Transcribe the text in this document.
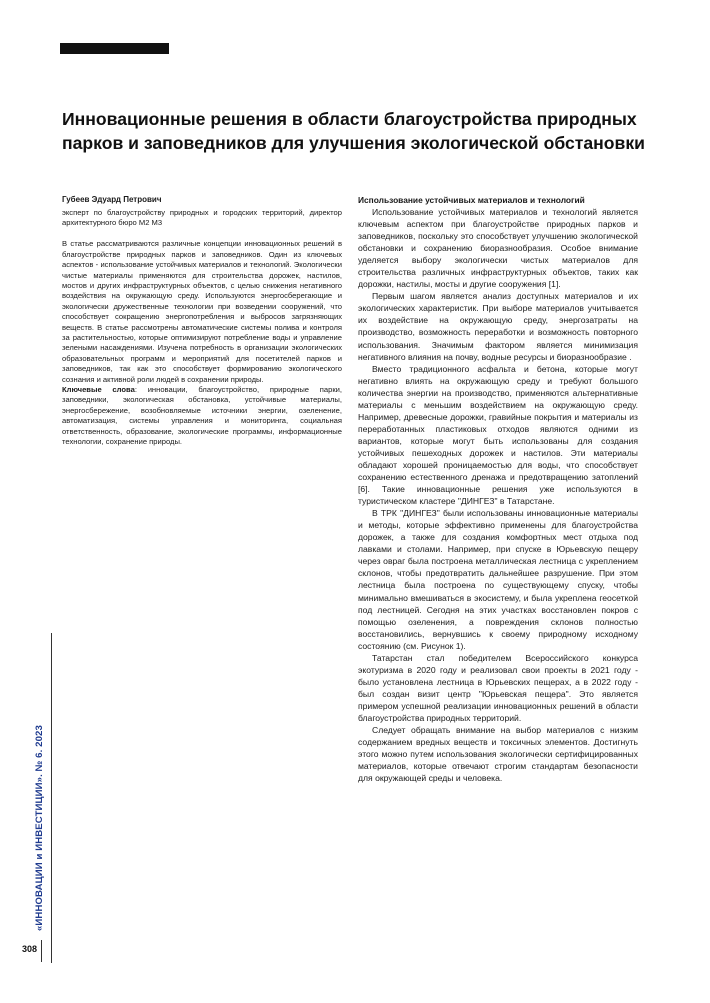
Инновационные решения в области благоустройства природных парков и заповедников для улучшения экологической обстановки

Губеев Эдуард Петрович

эксперт по благоустройству природных и городских территорий, директор архитектурного бюро М2 М3

В статье рассматриваются различные концепции инновационных решений в благоустройстве природных парков и заповедников. Один из ключевых аспектов - использование устойчивых материалов и технологий. Экологически чистые материалы применяются для строительства дорожек, настилов, мостов и других инфраструктурных объектов, с целью снижения негативного воздействия на окружающую среду. Используются энергосберегающие и экологически дружественные технологии при возведении сооружений, что способствует сокращению энергопотребления и выбросов загрязняющих веществ. В статье рассмотрены автоматические системы полива и контроля за растительностью, которые оптимизируют потребление воды и управление зелеными насаждениями. Изучена потребность в организации экологических образовательных программ и мероприятий для посетителей парков и заповедников, так как это способствует формированию экологического сознания и активной роли людей в сохранении природы.

Ключевые слова: инновации, благоустройство, природные парки, заповедники, экологическая обстановка, устойчивые материалы, энергосбережение, возобновляемые источники энергии, озеленение, автоматизация, системы управления и мониторинга, социальная ответственность, образование, экологические программы, информационные технологии, сохранение природы.

Использование устойчивых материалов и технологий

Использование устойчивых материалов и технологий является ключевым аспектом при благоустройстве природных парков и заповедников, поскольку это способствует улучшению экологической обстановки и сохранению биоразнообразия. Особое внимание уделяется выбору экологически чистых материалов для строительства различных инфраструктурных объектов, таких как дорожки, настилы, мосты и другие сооружения [1].

Первым шагом является анализ доступных материалов и их экологических характеристик. При выборе материалов учитывается их воздействие на окружающую среду, энергозатраты на производство, возможность переработки и возможность повторного использования. Значимым фактором является минимизация негативного влияния на почву, водные ресурсы и биоразнообразие .

Вместо традиционного асфальта и бетона, которые могут негативно влиять на окружающую среду и требуют большого количества энергии на производство, применяются альтернативные материалы с меньшим воздействием на окружающую среду. Например, древесные дорожки, гравийные покрытия и материалы из переработанных пластиковых отходов являются одними из вариантов, которые могут быть использованы для создания устойчивых пешеходных дорожек и настилов. Эти материалы обладают хорошей проницаемостью для воды, что способствует сохранению естественного дренажа и предотвращению затоплений [6]. Такие инновационные решения уже используются в туристическом кластере "ДИНГЕЗ" в Татарстане.

В ТРК "ДИНГЕЗ" были использованы инновационные материалы и методы, которые эффективно применены для благоустройства дорожек, а также для создания комфортных мест отдыха под лавками и столами. Например, при спуске в Юрьевскую пещеру через овраг была построена металлическая лестница с укреплением склонов, чтобы предотвратить дальнейшее разрушение. При этом лестница была построена по существующему спуску, чтобы минимально вмешиваться в экосистему, и была укреплена геосеткой под лестницей. Сегодня на этих участках восстановлен покров с помощью озеленения, а повреждения склонов полностью восстановились, вернувшись к своему природному исходному состоянию (см. Рисунок 1).

Татарстан стал победителем Всероссийского конкурса экотуризма в 2020 году и реализовал свои проекты в 2021 году - было установлена лестница в Юрьевских пещерах, а в 2022 году - был создан визит центр "Юрьевская пещера". Это является примером успешной реализации инновационных решений в области благоустройства природных территорий.

Следует обращать внимание на выбор материалов с низким содержанием вредных веществ и токсичных элементов. Достигнуть этого можно путем использования экологически сертифицированных материалов, которые отвечают строгим стандартам безопасности для окружающей среды и человека.

«ИННОВАЦИИ и ИНВЕСТИЦИИ». № 6. 2023
308
